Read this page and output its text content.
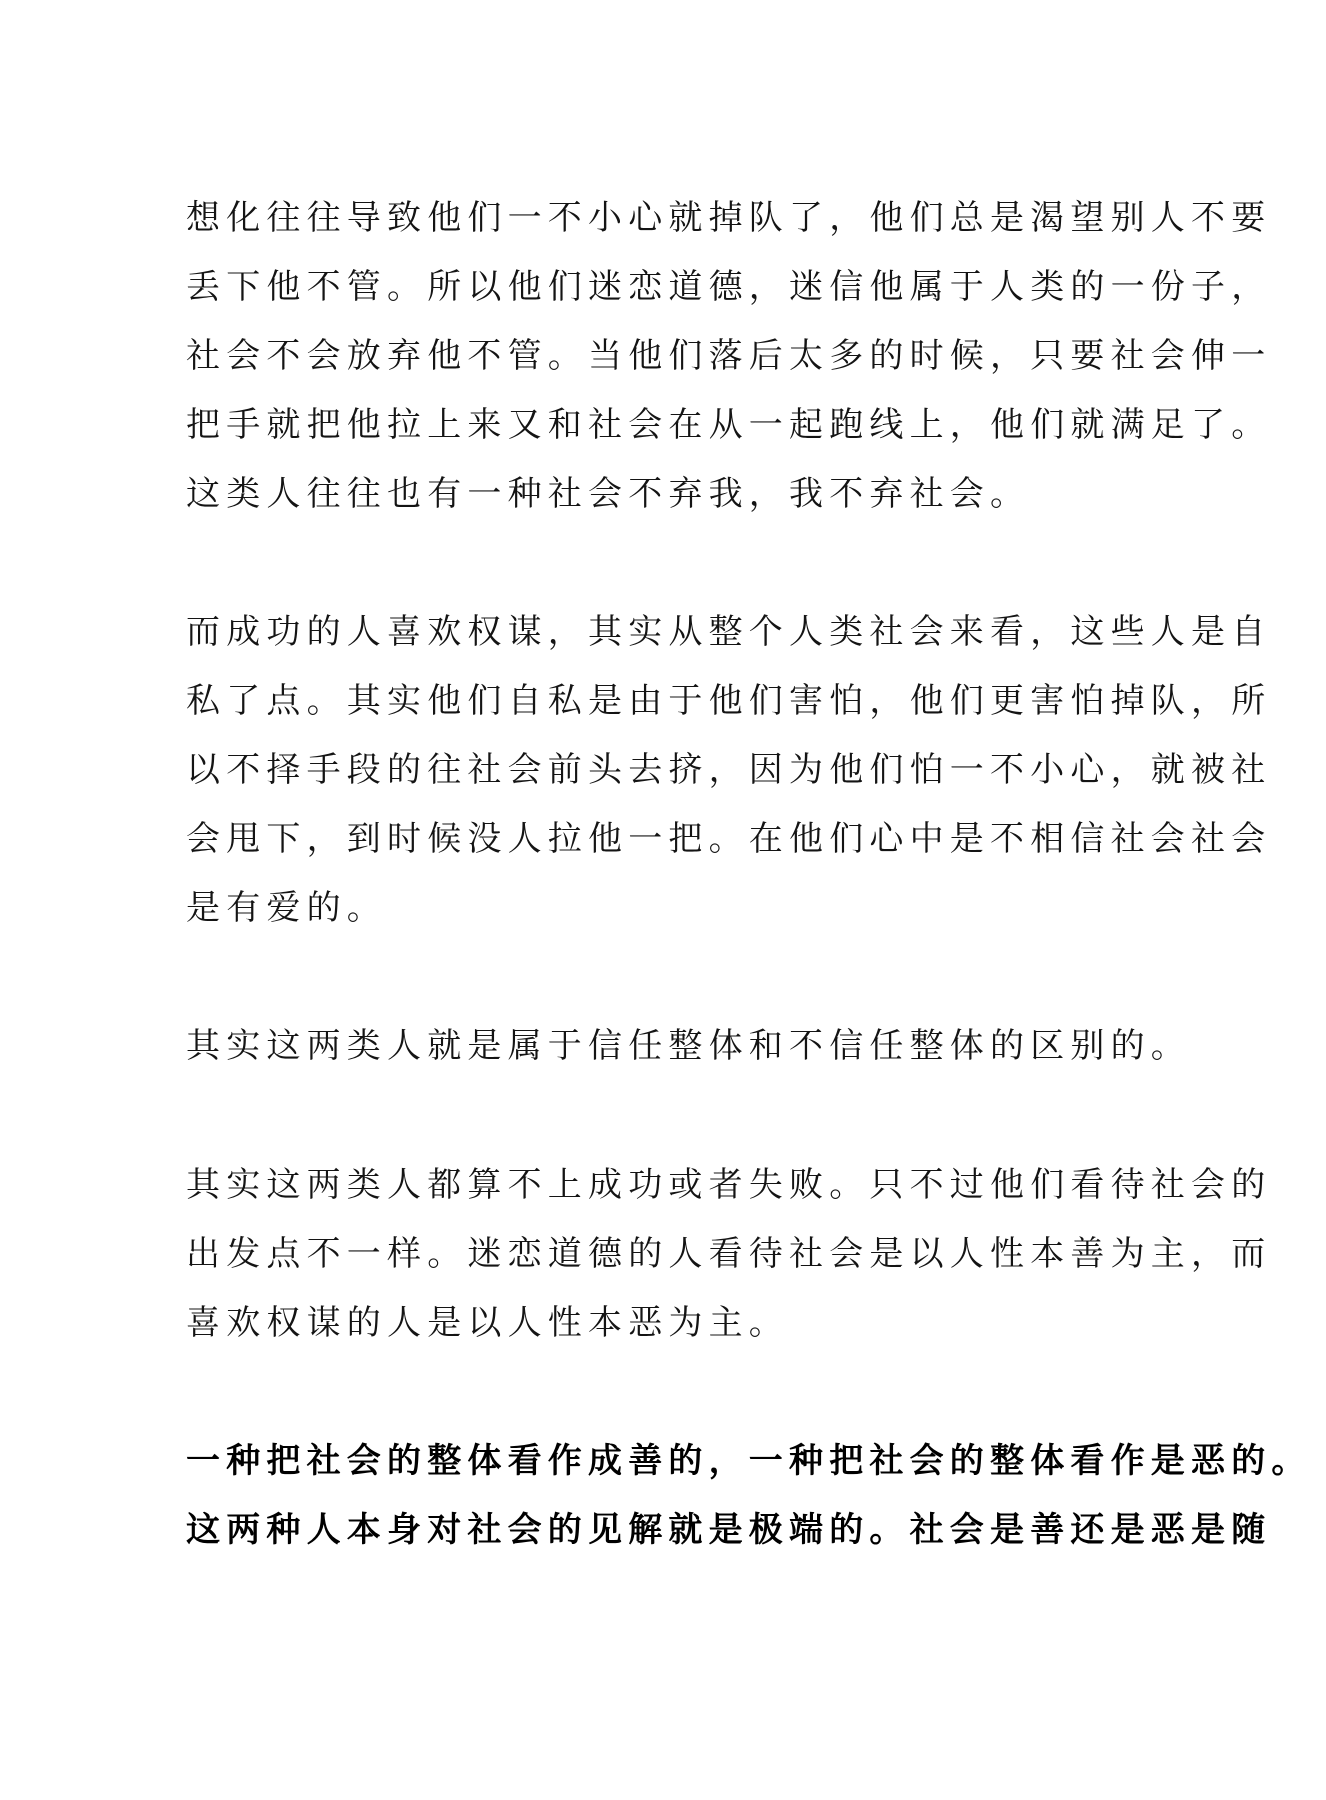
想化往往导致他们一不小心就掉队了，他们总是渴望别人不要
丢下他不管。所以他们迷恋道德，迷信他属于人类的一份子，
社会不会放弃他不管。当他们落后太多的时候，只要社会伸一
把手就把他拉上来又和社会在从一起跑线上，他们就满足了。
这类人往往也有一种社会不弃我，我不弃社会。
而成功的人喜欢权谋，其实从整个人类社会来看，这些人是自
私了点。其实他们自私是由于他们害怕，他们更害怕掉队，所
以不择手段的往社会前头去挤，因为他们怕一不小心，就被社
会甩下，到时候没人拉他一把。在他们心中是不相信社会社会
是有爱的。
其实这两类人就是属于信任整体和不信任整体的区别的。
其实这两类人都算不上成功或者失败。只不过他们看待社会的
出发点不一样。迷恋道德的人看待社会是以人性本善为主，而
喜欢权谋的人是以人性本恶为主。
一种把社会的整体看作成善的，一种把社会的整体看作是恶的。
这两种人本身对社会的见解就是极端的。社会是善还是恶是随
